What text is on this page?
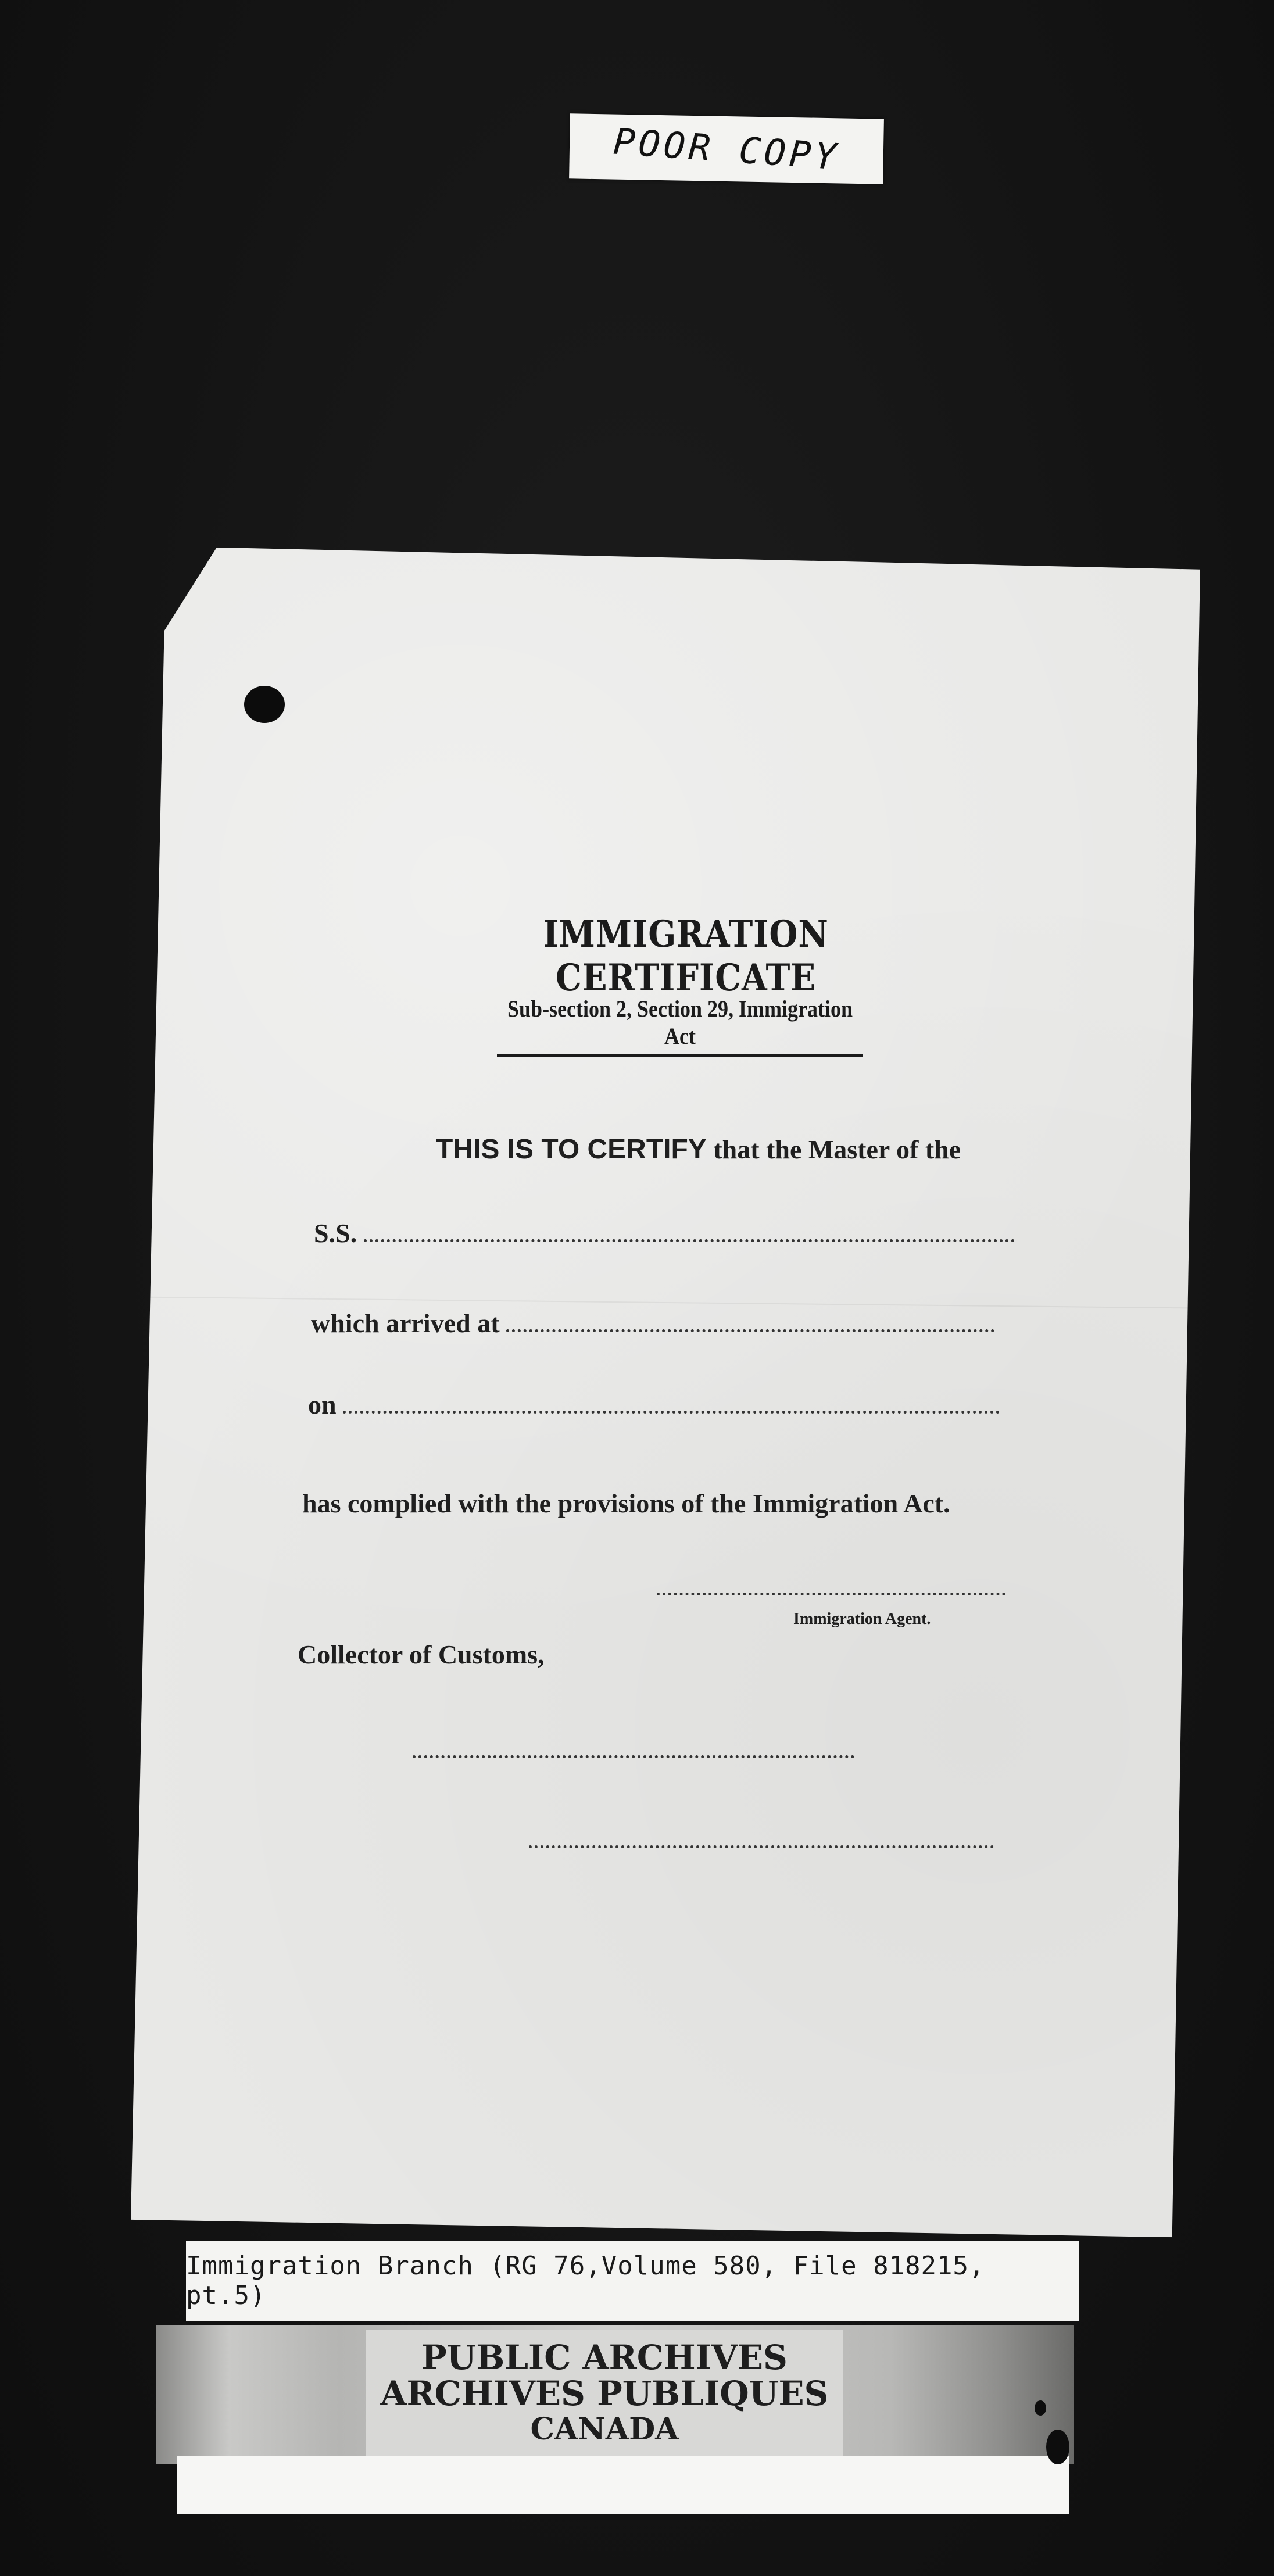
POOR COPY
IMMIGRATION CERTIFICATE
Sub-section 2, Section 29, Immigration Act
THIS IS TO CERTIFY that the Master of the
S.S.
which arrived at
on
has complied with the provisions of the Immigration Act.
Immigration Agent.
Collector of Customs,
Immigration Branch (RG 76,Volume 580, File 818215, pt.5)
PUBLIC ARCHIVES
ARCHIVES PUBLIQUES
CANADA
